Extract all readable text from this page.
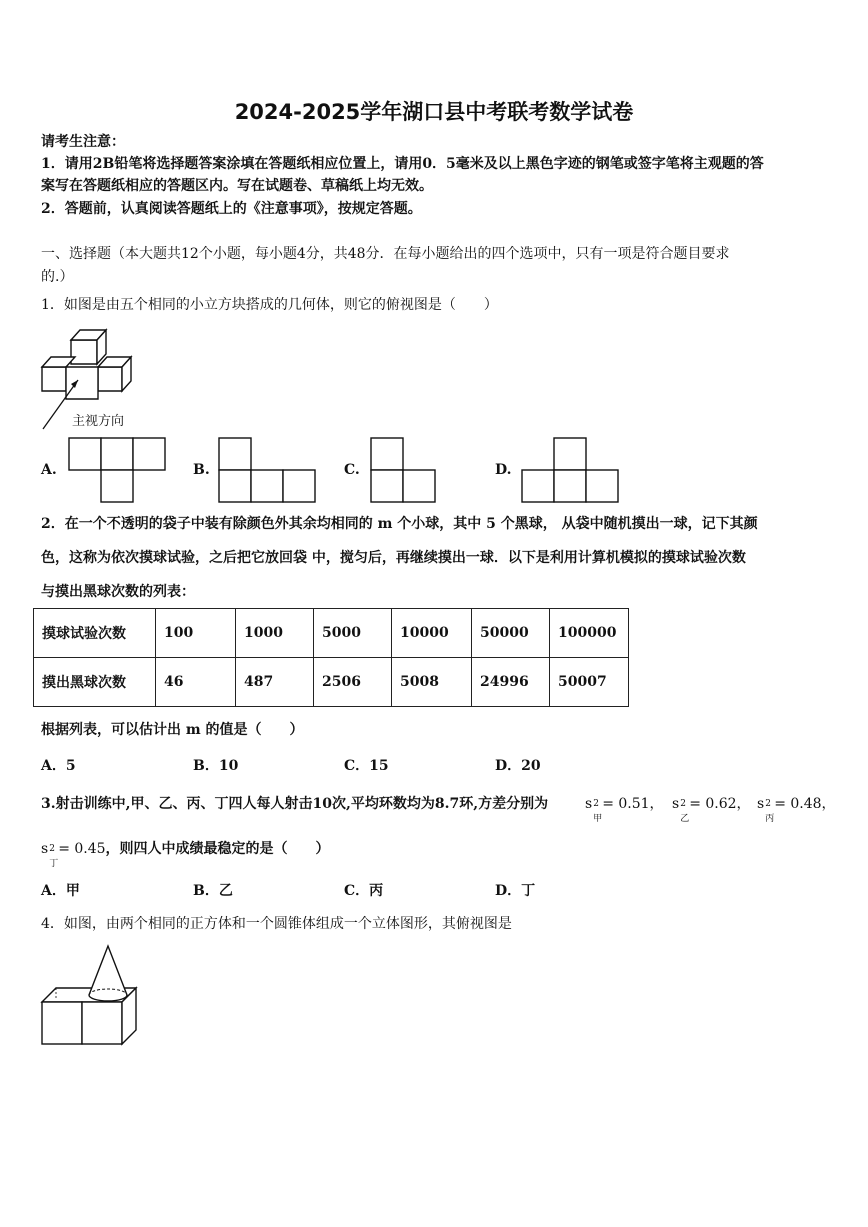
2024-2025学年湖口县中考联考数学试卷
请考生注意：
1．请用2B铅笔将选择题答案涂填在答题纸相应位置上，请用0．5毫米及以上黑色字迹的钢笔或签字笔将主观题的答
案写在答题纸相应的答题区内。写在试题卷、草稿纸上均无效。
2．答题前，认真阅读答题纸上的《注意事项》，按规定答题。
一、选择题（本大题共12个小题，每小题4分，共48分．在每小题给出的四个选项中，只有一项是符合题目要求
的.）
1．如图是由五个相同的小立方块搭成的几何体，则它的俯视图是（　　）
主视方向
A.	B.	C.	D.
2．在一个不透明的袋子中装有除颜色外其余均相同的 m 个小球，其中 5 个黑球， 从袋中随机摸出一球，记下其颜
色，这称为依次摸球试验，之后把它放回袋 中，搅匀后，再继续摸出一球．以下是利用计算机模拟的摸球试验次数
与摸出黑球次数的列表：
摸球试验次数	100	1000	5000	10000	50000	100000
摸出黑球次数	46	487	2506	5008	24996	50007
根据列表，可以估计出 m 的值是（　　）
A．5	B．10	C．15	D．20
3.射击训练中,甲、乙、丙、丁四人每人射击10次,平均环数均为8.7环,方差分别为	s 2
甲
= 0.51， s 2
乙
= 0.62， s 2
丙
= 0.48，
s 2
丁
= 0.45，则四人中成绩最稳定的是（　　）
A．甲	B．乙	C．丙	D．丁
4．如图，由两个相同的正方体和一个圆锥体组成一个立体图形，其俯视图是
